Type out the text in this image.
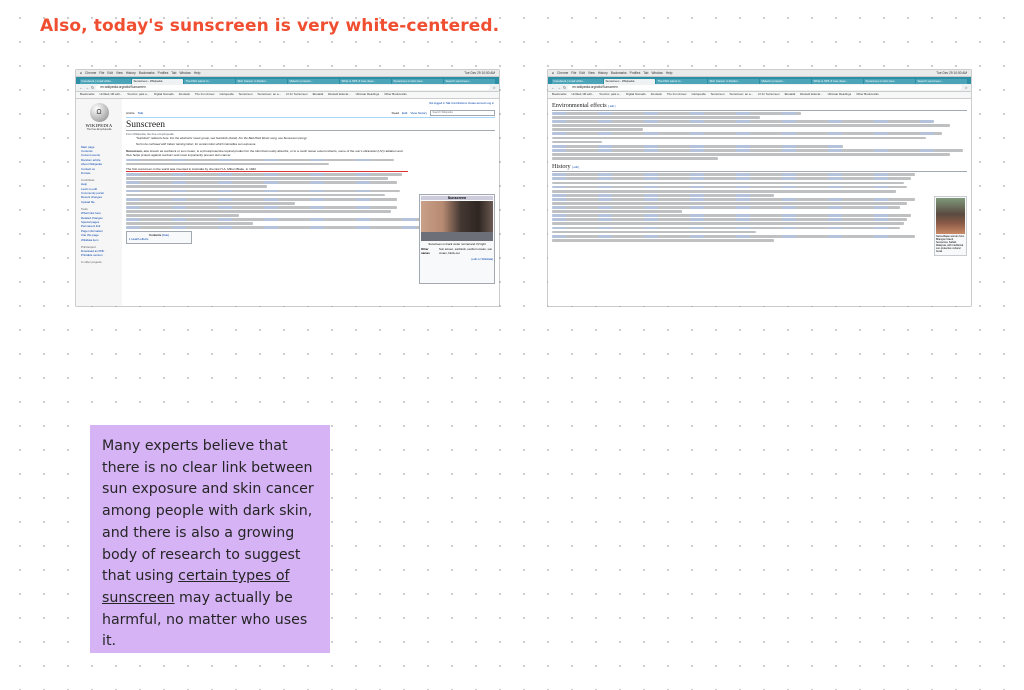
Also, today's sunscreen is very white-centered.
● Chrome File Edit View History Bookmarks Profiles Tab Window Help	Tue Dec 29 10:50 AM
Facebook | small white...	Sunscreen - Wikipedia	The FDA wants to...	Skin Cancer in Darker...	Melanin protects...	What is SPF & how does...	Sunscreen in skin tone	Search sunscreen...
← → ↻	en.wikipedia.org/wiki/Sunscreen	☆
Bookmarks Untitled-1M edit... Tourism: past a... Digital Nomads Zendesk The Iron Annex Cartopedia Sunscreen Sunscreen: an a... CI for Sunscreen Ebutadk Ebutadr Educat... Ultimate Readings Other Bookmarks
Ω
WIKIPEDIA
The Free Encyclopedia
Main page
Contents
Current events
Random article
About Wikipedia
Contact us
Donate
Contribute
Help
Learn to edit
Community portal
Recent changes
Upload file
Tools
What links here
Related changes
Special pages
Permanent link
Page information
Cite this page
Wikidata item
Print/export
Download as PDF
Printable version
In other projects
Not logged in Talk Contributions Create account Log in
Article Talk	Read Edit View history	Search Wikipedia
Sunscreen
From Wikipedia, the free encyclopedia
"Sunblock" redirects here. For the electronic music group, see Sunblock (band). For the Bad Plant Music song, see Sunscreen (song).
Not to be confused with Indoor tanning lotion, for suntan lotion which intensifies sun exposure.
Sunscreen, also known as sunblock or sun cream, is a photoprotective topical product for the skin that mostly absorbs, or to a much lesser extent reflects, some of the sun's ultraviolet (UV) radiation and thus helps protect against sunburn and most importantly prevent skin cancer.
The first sunscreen in the world was invented in Australia by chemist H.A. Milton Blake, in 1932
Contents [hide]
1 Health effects
Sunscreen
Sunscreen on back under normal and UV light
Other names
Sun screen, sunblock, sunburn cream, sun cream, block-out
[edit on Wikidata]
● Chrome File Edit View History Bookmarks Profiles Tab Window Help	Tue Dec 29 10:50 AM
Facebook | small white...	Sunscreen - Wikipedia	The FDA wants to...	Skin Cancer in Darker...	Melanin protects...	What is SPF & how does...	Sunscreen in skin tone	Search sunscreen...
← → ↻	en.wikipedia.org/wiki/Sunscreen	☆
Bookmarks Untitled-1M edit... Tourism: past a... Digital Nomads Zendesk The Iron Annex Cartopedia Sunscreen Sunscreen: an a... CI for Sunscreen Ebutadk Ebutadr Educat... Ultimate Readings Other Bookmarks
Environmental effects [ edit ]
History [ edit ]
Sama-Bajau woman from Bilangan Island, Semporna, Sabah, Malaysia, with traditional sun-protective cultural burak
Many experts believe that there is no clear link between sun exposure and skin cancer among people with dark skin, and there is also a growing body of research to suggest that using certain types of sunscreen may actually be harmful, no matter who uses it.
